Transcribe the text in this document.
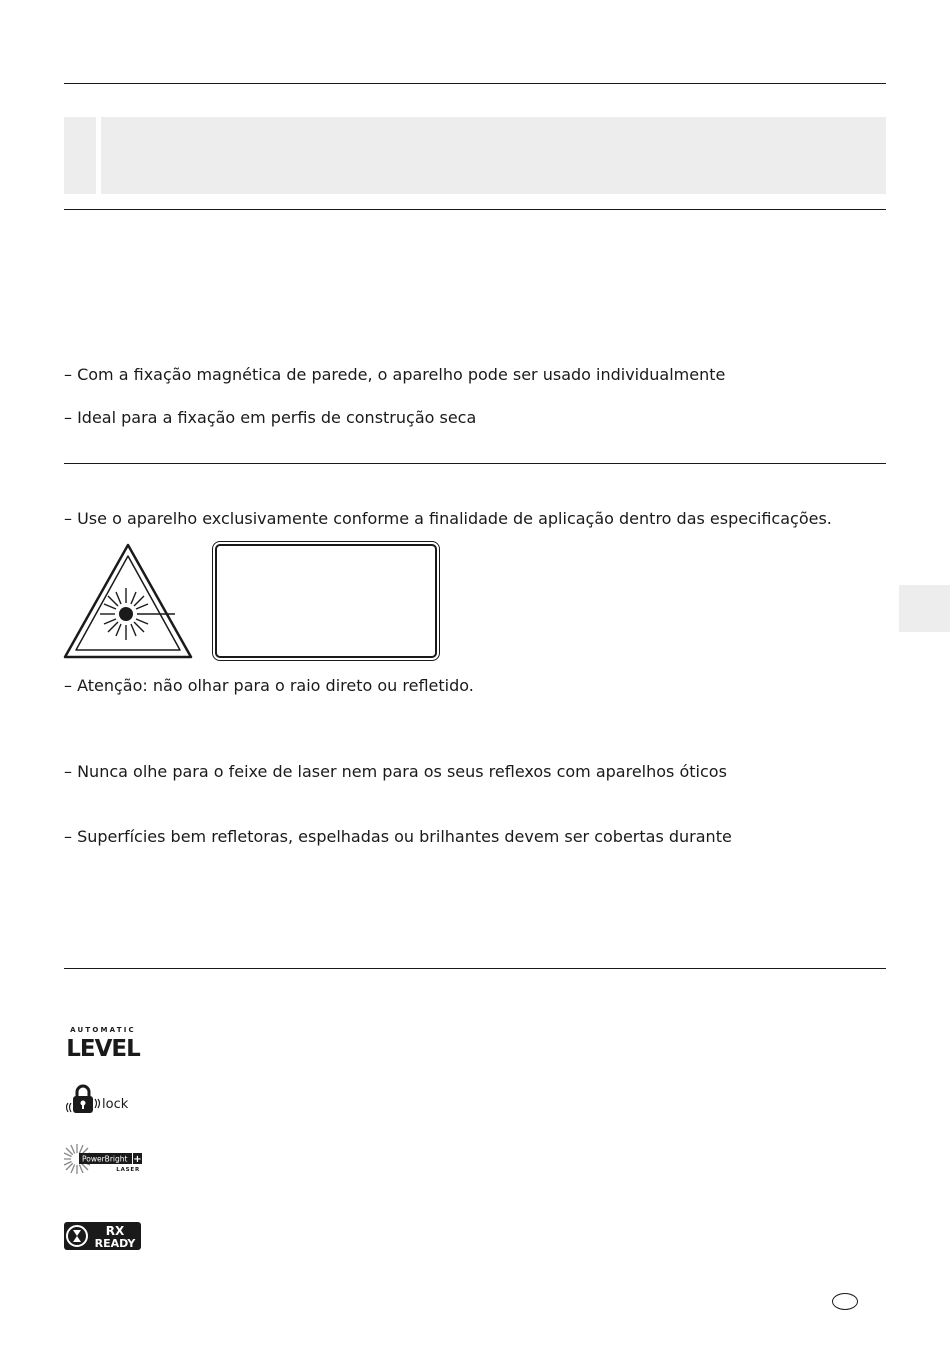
– Com a fixação magnética de parede, o aparelho pode ser usado individualmente

– Ideal para a fixação em perfis de construção seca

– Use o aparelho exclusivamente conforme a finalidade de aplicação dentro das especificações.

– Atenção: não olhar para o raio direto ou refletido.

– Nunca olhe para o feixe de laser nem para os seus reflexos com aparelhos óticos

– Superfícies bem refletoras, espelhadas ou brilhantes devem ser cobertas durante

AUTOMATIC
LEVEL
lock
PowerBright +
LASER
RX
READY
